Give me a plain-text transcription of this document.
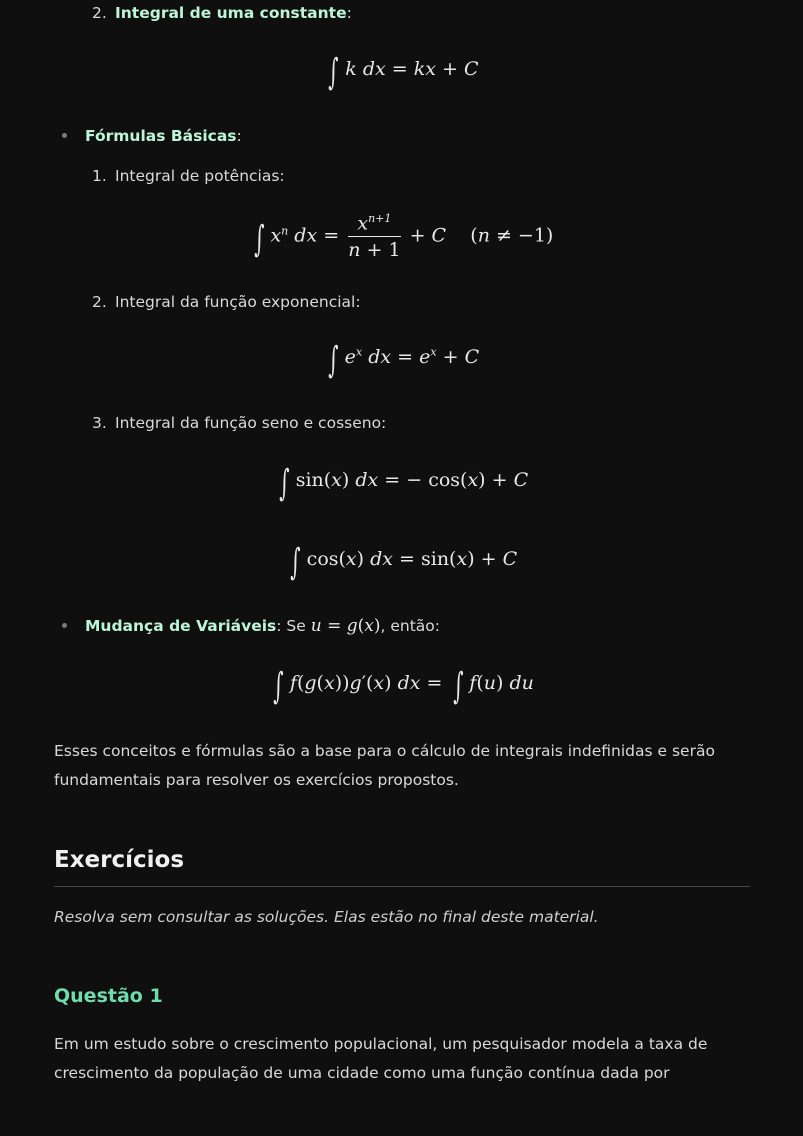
2. Integral de uma constante:
∫ k dx = kx + C
Fórmulas Básicas:
1. Integral de potências:
∫ $x^n$ dx = $\frac{x^{n+1}}{n + 1} + C$    (n ≠ −1)
2. Integral da função exponencial:
∫ $e^x$ dx = $e^x + C$
3. Integral da função seno e cosseno:
∫ sin(x) dx = − cos(x) + C
∫ cos(x) dx = sin(x) + C
Mudança de Variáveis: Se u = g(x), então:
∫ f(g(x))g′(x) dx = ∫ f(u) du
Esses conceitos e fórmulas são a base para o cálculo de integrais indefinidas e serão fundamentais para resolver os exercícios propostos.
Exercícios
Resolva sem consultar as soluções. Elas estão no final deste material.
Questão 1
Em um estudo sobre o crescimento populacional, um pesquisador modela a taxa de crescimento da população de uma cidade como uma função contínua dada por
